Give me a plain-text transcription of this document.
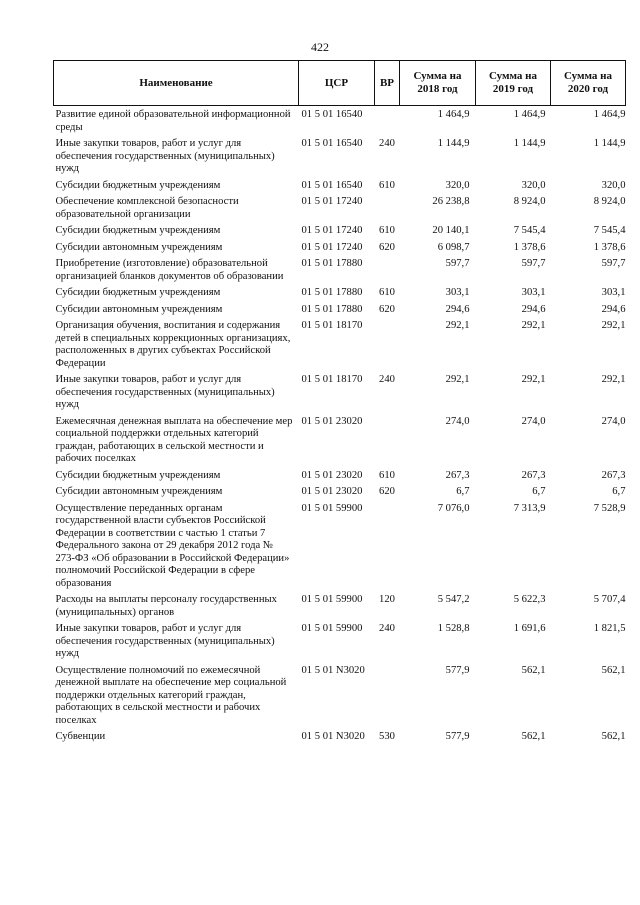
422
Наименование	ЦСР	ВР	Сумма на 2018 год	Сумма на 2019 год	Сумма на 2020 год
Развитие единой образовательной информационной среды	01 5 01 16540		1 464,9	1 464,9	1 464,9
Иные закупки товаров, работ и услуг для обеспечения государственных (муниципальных) нужд	01 5 01 16540	240	1 144,9	1 144,9	1 144,9
Субсидии бюджетным учреждениям	01 5 01 16540	610	320,0	320,0	320,0
Обеспечение комплексной безопасности образовательной организации	01 5 01 17240		26 238,8	8 924,0	8 924,0
Субсидии бюджетным учреждениям	01 5 01 17240	610	20 140,1	7 545,4	7 545,4
Субсидии автономным учреждениям	01 5 01 17240	620	6 098,7	1 378,6	1 378,6
Приобретение (изготовление) образовательной организацией бланков документов об образовании	01 5 01 17880		597,7	597,7	597,7
Субсидии бюджетным учреждениям	01 5 01 17880	610	303,1	303,1	303,1
Субсидии автономным учреждениям	01 5 01 17880	620	294,6	294,6	294,6
Организация обучения, воспитания и содержания детей в специальных коррекционных организациях, расположенных в других субъектах Российской Федерации	01 5 01 18170		292,1	292,1	292,1
Иные закупки товаров, работ и услуг для обеспечения государственных (муниципальных) нужд	01 5 01 18170	240	292,1	292,1	292,1
Ежемесячная денежная выплата на обеспечение мер социальной поддержки отдельных категорий граждан, работающих в сельской местности и рабочих поселках	01 5 01 23020		274,0	274,0	274,0
Субсидии бюджетным учреждениям	01 5 01 23020	610	267,3	267,3	267,3
Субсидии автономным учреждениям	01 5 01 23020	620	6,7	6,7	6,7
Осуществление переданных органам государственной власти субъектов Российской Федерации в соответствии с частью 1 статьи 7 Федерального закона от 29 декабря 2012 года № 273-ФЗ «Об образовании в Российской Федерации» полномочий Российской Федерации в сфере образования	01 5 01 59900		7 076,0	7 313,9	7 528,9
Расходы на выплаты персоналу государственных (муниципальных) органов	01 5 01 59900	120	5 547,2	5 622,3	5 707,4
Иные закупки товаров, работ и услуг для обеспечения государственных (муниципальных) нужд	01 5 01 59900	240	1 528,8	1 691,6	1 821,5
Осуществление полномочий по ежемесячной денежной выплате на обеспечение мер социальной поддержки отдельных категорий граждан, работающих в сельской местности и рабочих поселках	01 5 01 N3020		577,9	562,1	562,1
Субвенции	01 5 01 N3020	530	577,9	562,1	562,1
